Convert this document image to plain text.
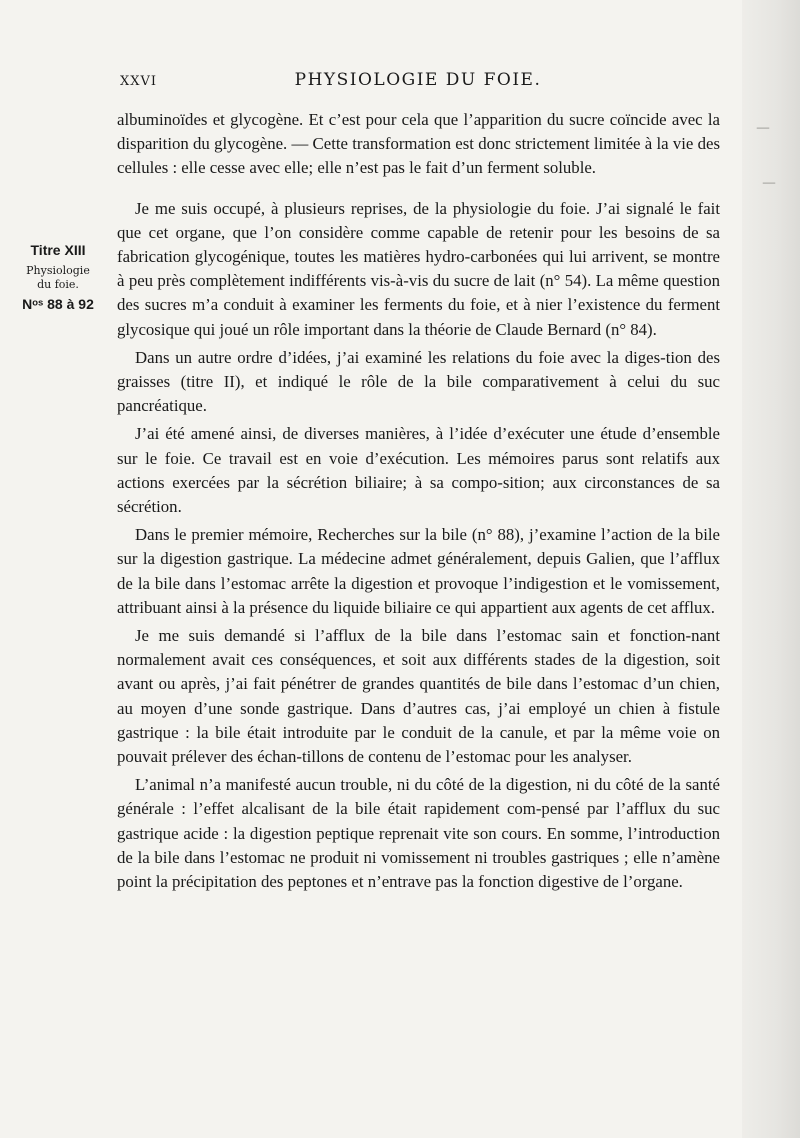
—
—
XXVI	PHYSIOLOGIE DU FOIE.
Titre XIII
Physiologie
du foie.
Nᵒˢ 88 à 92

albuminoïdes et glycogène. Et c’est pour cela que l’apparition du sucre coïncide avec la disparition du glycogène. — Cette transformation est donc strictement limitée à la vie des cellules : elle cesse avec elle; elle n’est pas le fait d’un ferment soluble.

Je me suis occupé, à plusieurs reprises, de la physiologie du foie. J’ai signalé le fait que cet organe, que l’on considère comme capable de retenir pour les besoins de sa fabrication glycogénique, toutes les matières hydro-carbonées qui lui arrivent, se montre à peu près complètement indifférents vis-à-vis du sucre de lait (n° 54). La même question des sucres m’a conduit à examiner les ferments du foie, et à nier l’existence du ferment glycosique qui joué un rôle important dans la théorie de Claude Bernard (n° 84).

Dans un autre ordre d’idées, j’ai examiné les relations du foie avec la diges-tion des graisses (titre II), et indiqué le rôle de la bile comparativement à celui du suc pancréatique.

J’ai été amené ainsi, de diverses manières, à l’idée d’exécuter une étude d’ensemble sur le foie. Ce travail est en voie d’exécution. Les mémoires parus sont relatifs aux actions exercées par la sécrétion biliaire; à sa compo-sition; aux circonstances de sa sécrétion.

Dans le premier mémoire, Recherches sur la bile (n° 88), j’examine l’action de la bile sur la digestion gastrique. La médecine admet généralement, depuis Galien, que l’afflux de la bile dans l’estomac arrête la digestion et provoque l’indigestion et le vomissement, attribuant ainsi à la présence du liquide biliaire ce qui appartient aux agents de cet afflux.

Je me suis demandé si l’afflux de la bile dans l’estomac sain et fonction-nant normalement avait ces conséquences, et soit aux différents stades de la digestion, soit avant ou après, j’ai fait pénétrer de grandes quantités de bile dans l’estomac d’un chien, au moyen d’une sonde gastrique. Dans d’autres cas, j’ai employé un chien à fistule gastrique : la bile était introduite par le conduit de la canule, et par la même voie on pouvait prélever des échan-tillons de contenu de l’estomac pour les analyser.

L’animal n’a manifesté aucun trouble, ni du côté de la digestion, ni du côté de la santé générale : l’effet alcalisant de la bile était rapidement com-pensé par l’afflux du suc gastrique acide : la digestion peptique reprenait vite son cours. En somme, l’introduction de la bile dans l’estomac ne produit ni vomissement ni troubles gastriques ; elle n’amène point la précipitation des peptones et n’entrave pas la fonction digestive de l’organe.
